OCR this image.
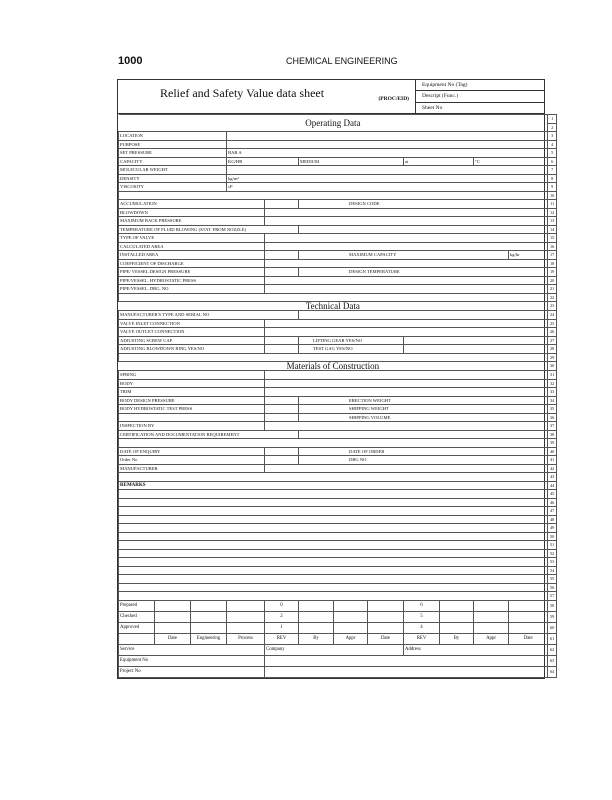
1000	CHEMICAL ENGINEERING
Relief and Safety Value data sheet	(PROC/EID)
Equipment No (Tag)
Descript (Func.)
Sheet No
Operating Data												1
												2
LOCATION												3
PURPOSE												4
SET PRESSURE			BAR A									5
CAPACITY			KG/HR		MEDIUM			at		°C		6
MOLECULAR WEIGHT												7
DENSITY			kg/m³									8
VISCOSITY			cP									9
												10
ACCUMULATION					DESIGN CODE							11
BLOWDOWN												12
MAXIMUM BACK PRESSURE												13
TEMPERATURE OF FLUID BLOWING (STAT. FROM NOZZLE)												14
TYPE OF VALVE												15
CALCULATED AREA												16
INSTALLED AREA					MAXIMUM CAPACITY						kg/hr	17
COEFFICIENT OF DISCHARGE												18
PIPE/ VESSEL DESIGN PRESSURE					DESIGN TEMPERATURE							19
PIPE/VESSEL. HYDROSTATIC PRESS												20
PIPE/VESSEL. DRG. NO												21
												22
Technical Data												23
MANUFACTURER'S TYPE AND SERIAL NO												24
VALVE INLET CONNECTION												25
VALVE OUTLET CONNECTION												26
ADJUSTING SCREW CAP					LIFTING GEAR YES/NO							27
ADJUSTING BLOWDOWN RING YES/NO					TEST GAG YES/NO							28
												29
Materials of Construction												30
SPRING												31
BODY												32
TRIM												33
BODY DESIGN PRESSURE					ERECTION WEIGHT							34
BODY HYDROSTATIC TEST PRESS					SHIPPING WEIGHT							35
					SHIPPING VOLUME							36
INSPECTION BY												37
CERTIFICATION AND DOCUMENTATION REQUIREMENT												38
												39
DATE OF ENQUIRY					DATE OF ORDER							40
Order No					DRG NO							41
MANUFACTURER												42
												43
REMARKS												44
												45
												46
												47
												48
												49
												50
												51
												52
												53
												54
												55
												56
												57
Prepared				0				6				58
Checked				2				5				59
Approved				1				4				60
	Date	Engineering	Process	REV	By	Appr	Date	REV	By	Appr	Date	61
Service				Company				Address				62
Equipment No												63
Project No												64
